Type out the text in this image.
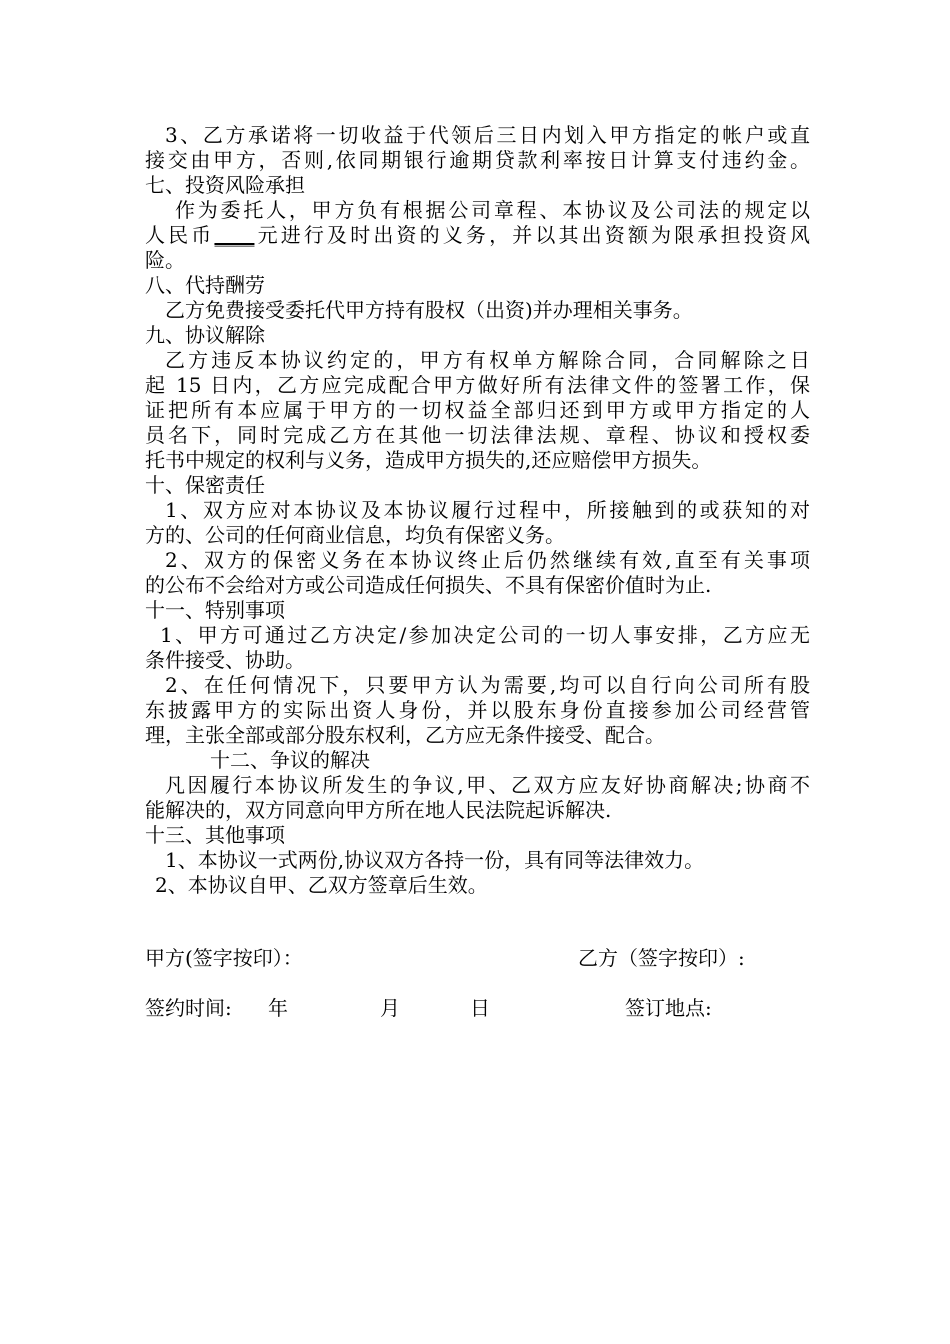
3、乙方承诺将一切收益于代领后三日内划入甲方指定的帐户或直
接交由甲方，否则,依同期银行逾期贷款利率按日计算支付违约金。
七、投资风险承担
作为委托人，甲方负有根据公司章程、本协议及公司法的规定以
人民币____元进行及时出资的义务，并以其出资额为限承担投资风
险。
八、代持酬劳
乙方免费接受委托代甲方持有股权（出资)并办理相关事务。
九、协议解除
乙方违反本协议约定的，甲方有权单方解除合同，合同解除之日
起 15 日内，乙方应完成配合甲方做好所有法律文件的签署工作，保
证把所有本应属于甲方的一切权益全部归还到甲方或甲方指定的人
员名下，同时完成乙方在其他一切法律法规、章程、协议和授权委
托书中规定的权利与义务，造成甲方损失的,还应赔偿甲方损失。
十、保密责任
1、双方应对本协议及本协议履行过程中，所接触到的或获知的对
方的、公司的任何商业信息，均负有保密义务。
2、双方的保密义务在本协议终止后仍然继续有效,直至有关事项
的公布不会给对方或公司造成任何损失、不具有保密价值时为止.
十一、特别事项
1、甲方可通过乙方决定/参加决定公司的一切人事安排，乙方应无
条件接受、协助。
2、在任何情况下，只要甲方认为需要,均可以自行向公司所有股
东披露甲方的实际出资人身份，并以股东身份直接参加公司经营管
理，主张全部或部分股东权利，乙方应无条件接受、配合。
十二、争议的解决
凡因履行本协议所发生的争议,甲、乙双方应友好协商解决;协商不
能解决的，双方同意向甲方所在地人民法院起诉解决.
十三、其他事项
1、本协议一式两份,协议双方各持一份，具有同等法律效力。
2、本协议自甲、乙双方签章后生效。
甲方(签字按印）：	乙方（签字按印）:
签约时间: 年	月	日	签订地点:
